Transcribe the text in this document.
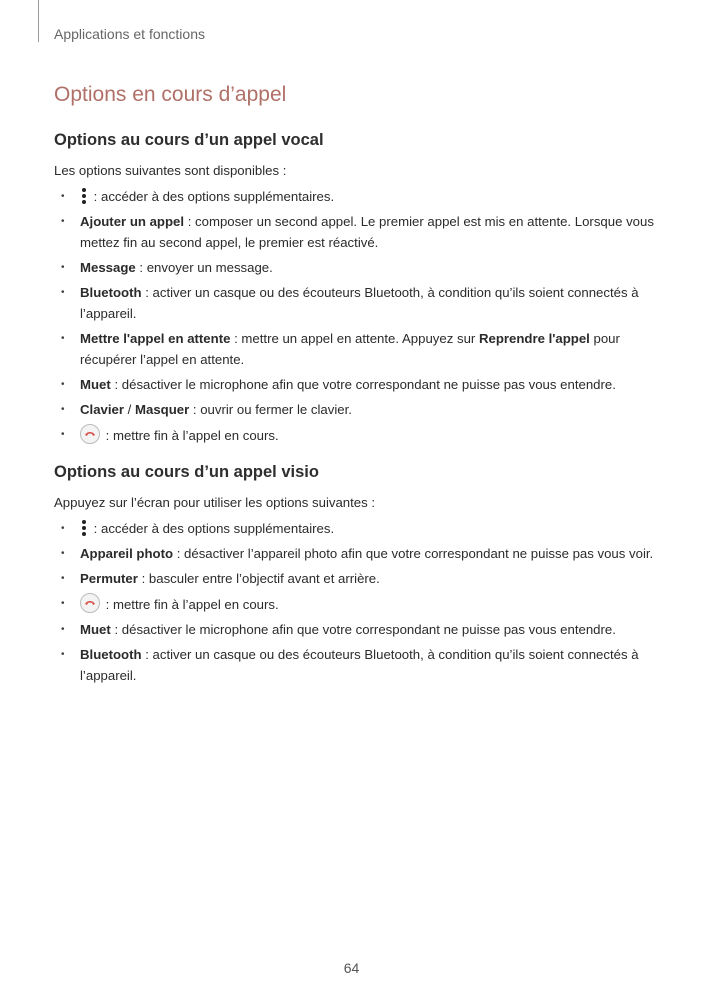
Applications et fonctions
Options en cours d’appel
Options au cours d’un appel vocal

Les options suivantes sont disponibles :

• : accéder à des options supplémentaires.
• Ajouter un appel : composer un second appel. Le premier appel est mis en attente. Lorsque vous mettez fin au second appel, le premier est réactivé.
• Message : envoyer un message.
• Bluetooth : activer un casque ou des écouteurs Bluetooth, à condition qu’ils soient connectés à l’appareil.
• Mettre l'appel en attente : mettre un appel en attente. Appuyez sur Reprendre l'appel pour récupérer l’appel en attente.
• Muet : désactiver le microphone afin que votre correspondant ne puisse pas vous entendre.
• Clavier / Masquer : ouvrir ou fermer le clavier.
•	: mettre fin à l’appel en cours.
Options au cours d’un appel visio

Appuyez sur l’écran pour utiliser les options suivantes :

• : accéder à des options supplémentaires.
• Appareil photo : désactiver l’appareil photo afin que votre correspondant ne puisse pas vous voir.
• Permuter : basculer entre l’objectif avant et arrière.
•	: mettre fin à l’appel en cours.
• Muet : désactiver le microphone afin que votre correspondant ne puisse pas vous entendre.
• Bluetooth : activer un casque ou des écouteurs Bluetooth, à condition qu’ils soient connectés à l’appareil.
64
